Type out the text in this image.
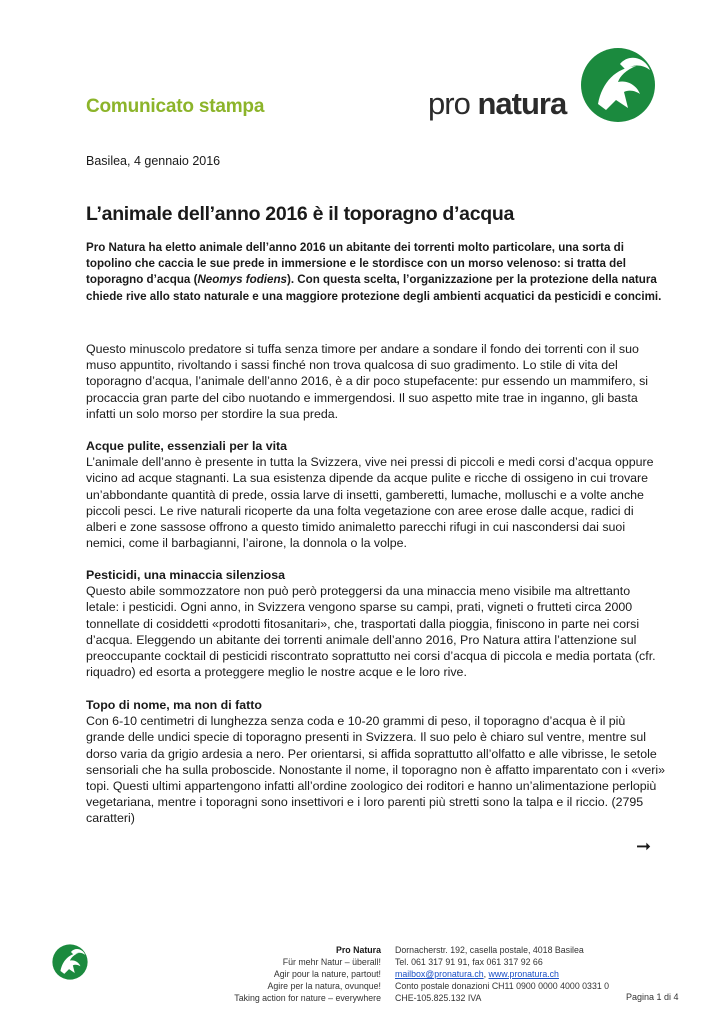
Comunicato stampa	pro natura
Basilea, 4 gennaio 2016
L’animale dell’anno 2016 è il toporagno d’acqua

Pro Natura ha eletto animale dell’anno 2016 un abitante dei torrenti molto particolare, una sorta di topolino che caccia le sue prede in immersione e le stordisce con un morso velenoso: si tratta del toporagno d’acqua (Neomys fodiens). Con questa scelta, l’organizzazione per la protezione della natura chiede rive allo stato naturale e una maggiore protezione degli ambienti acquatici da pesticidi e concimi.

Questo minuscolo predatore si tuffa senza timore per andare a sondare il fondo dei torrenti con il suo muso appuntito, rivoltando i sassi finché non trova qualcosa di suo gradimento. Lo stile di vita del toporagno d’acqua, l’animale dell’anno 2016, è a dir poco stupefacente: pur essendo un mammifero, si procaccia gran parte del cibo nuotando e immergendosi. Il suo aspetto mite trae in inganno, gli basta infatti un solo morso per stordire la sua preda.

Acque pulite, essenziali per la vita
L’animale dell’anno è presente in tutta la Svizzera, vive nei pressi di piccoli e medi corsi d’acqua oppure vicino ad acque stagnanti. La sua esistenza dipende da acque pulite e ricche di ossigeno in cui trovare un’abbondante quantità di prede, ossia larve di insetti, gamberetti, lumache, molluschi e a volte anche piccoli pesci. Le rive naturali ricoperte da una folta vegetazione con aree erose dalle acque, radici di alberi e zone sassose offrono a questo timido animaletto parecchi rifugi in cui nascondersi dai suoi nemici, come il barbagianni, l’airone, la donnola o la volpe.

Pesticidi, una minaccia silenziosa
Questo abile sommozzatore non può però proteggersi da una minaccia meno visibile ma altrettanto letale: i pesticidi. Ogni anno, in Svizzera vengono sparse su campi, prati, vigneti o frutteti circa 2000 tonnellate di cosiddetti «prodotti fitosanitari», che, trasportati dalla pioggia, finiscono in parte nei corsi d’acqua. Eleggendo un abitante dei torrenti animale dell’anno 2016, Pro Natura attira l’attenzione sul preoccupante cocktail di pesticidi riscontrato soprattutto nei corsi d’acqua di piccola e media portata (cfr. riquadro) ed esorta a proteggere meglio le nostre acque e le loro rive.

Topo di nome, ma non di fatto
Con 6-10 centimetri di lunghezza senza coda e 10-20 grammi di peso, il toporagno d’acqua è il più grande delle undici specie di toporagno presenti in Svizzera. Il suo pelo è chiaro sul ventre, mentre sul dorso varia da grigio ardesia a nero. Per orientarsi, si affida soprattutto all’olfatto e alle vibrisse, le setole sensoriali che ha sulla proboscide. Nonostante il nome, il toporagno non è affatto imparentato con i «veri» topi. Questi ultimi appartengono infatti all’ordine zoologico dei roditori e hanno un’alimentazione perlopiù vegetariana, mentre i toporagni sono insettivori e i loro parenti più stretti sono la talpa e il riccio. (2795 caratteri)

➞
Pro Natura
Für mehr Natur – überall!
Agir pour la nature, partout!
Agire per la natura, ovunque!
Taking action for nature – everywhere
Dornacherstr. 192, casella postale, 4018 Basilea
Tel. 061 317 91 91, fax 061 317 92 66
mailbox@pronatura.ch, www.pronatura.ch
Conto postale donazioni CH11 0900 0000 4000 0331 0
CHE-105.825.132 IVA	Pagina 1 di 4
